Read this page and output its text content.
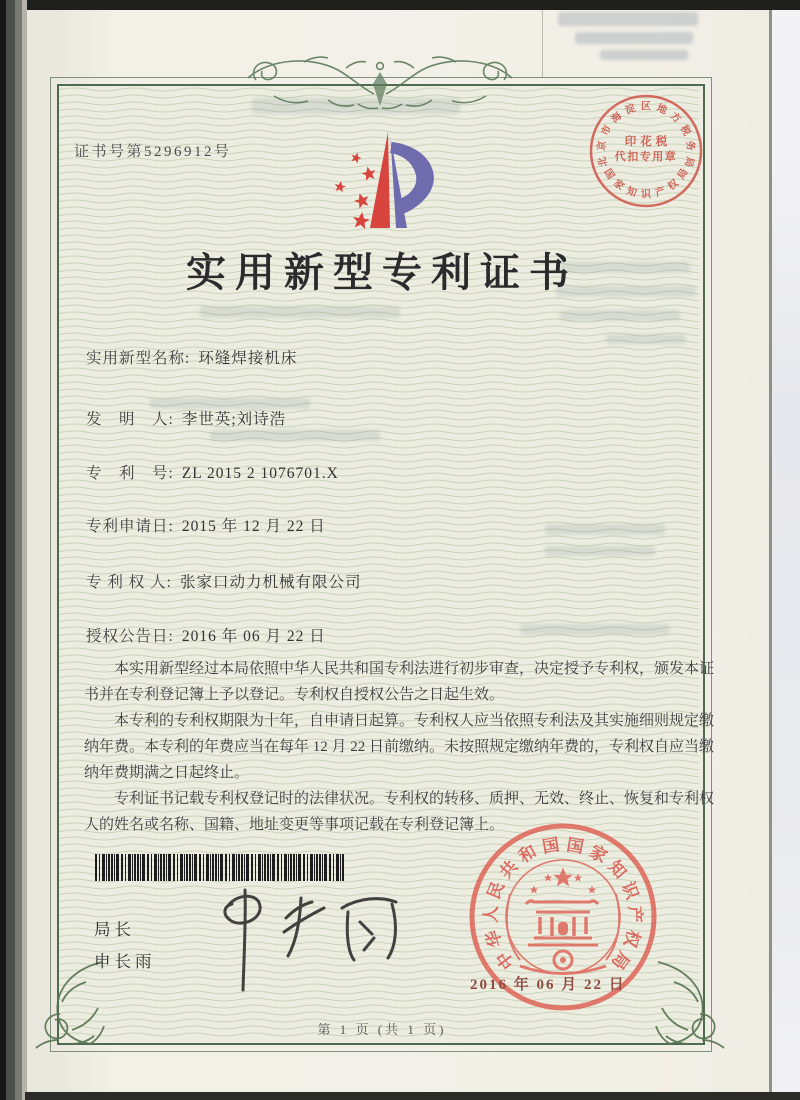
证书号第5296912号
实用新型专利证书
实用新型名称: 环缝焊接机床
发　明　人: 李世英;刘诗浩
专　利　号: ZL 2015 2 1076701.X
专利申请日: 2015 年 12 月 22 日
专 利 权 人: 张家口动力机械有限公司
授权公告日: 2016 年 06 月 22 日

本实用新型经过本局依照中华人民共和国专利法进行初步审查，决定授予专利权，颁发本证书并在专利登记簿上予以登记。专利权自授权公告之日起生效。

本专利的专利权期限为十年，自申请日起算。专利权人应当依照专利法及其实施细则规定缴纳年费。本专利的年费应当在每年 12 月 22 日前缴纳。未按照规定缴纳年费的，专利权自应当缴纳年费期满之日起终止。

专利证书记载专利权登记时的法律状况。专利权的转移、质押、无效、终止、恢复和专利权人的姓名或名称、国籍、地址变更等事项记载在专利登记簿上。

局长
申长雨	中
华
人
民
共
和 国 国 家
知
识
产
权
局
2016 年 06 月 22 日
北
京
市
海
淀 区 地
方
税
务
局
国
家 知 识 产 权
局
印花税
代扣专用章
第 1 页 (共 1 页)
